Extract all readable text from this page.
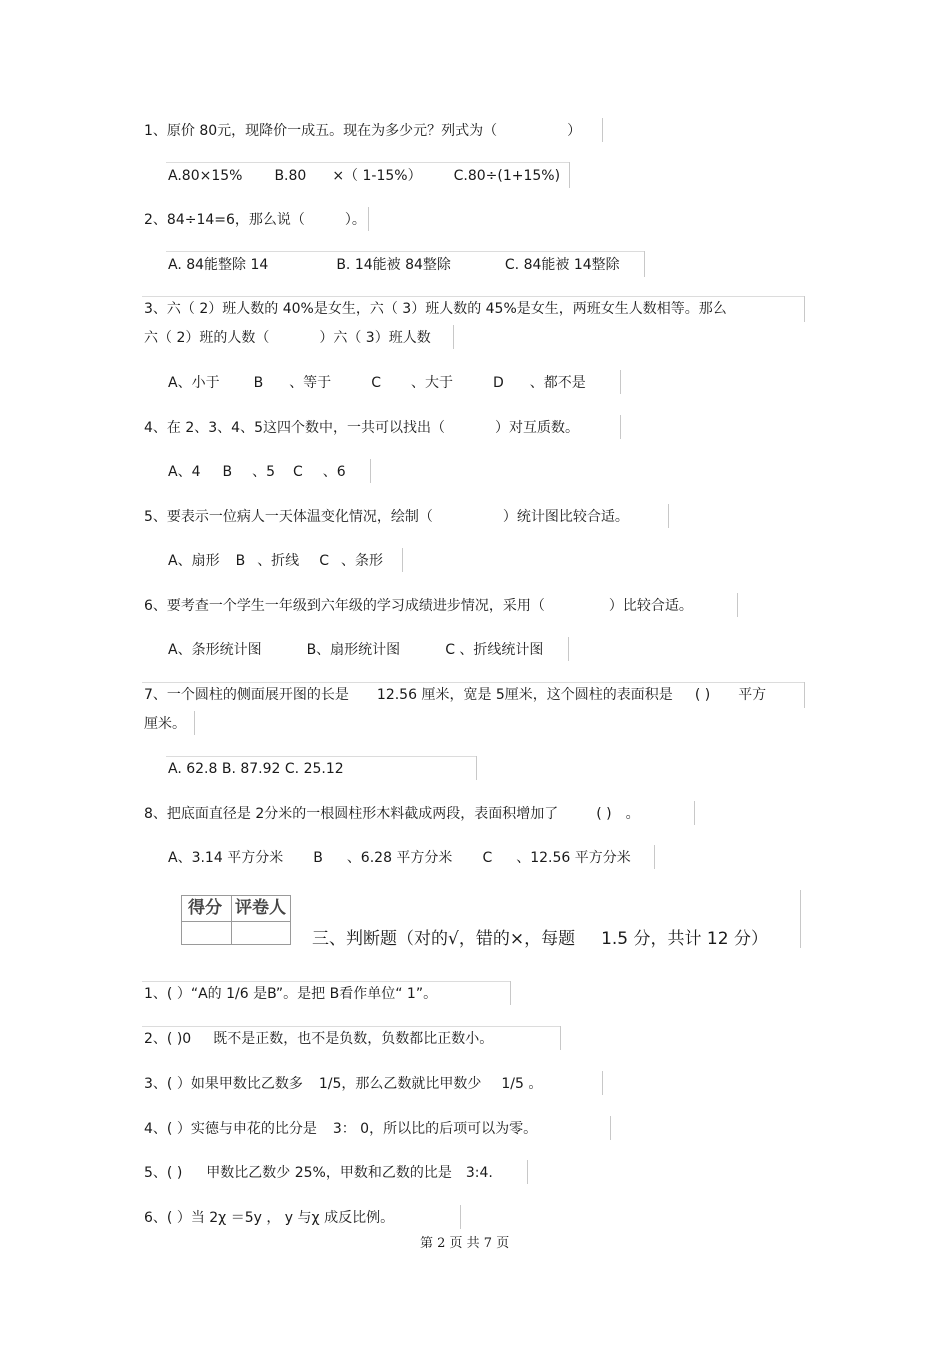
1、原价 80元，现降价一成五。现在为多少元？列式为（	）
A.80×15% B.80 ×（ 1-15%） C.80÷(1+15%)
2、84÷14=6，那么说（	）。
A. 84能整除 14	B. 14能被 84整除	C. 84能被 14整除
3、六（ 2）班人数的 40%是女生，六（ 3）班人数的 45%是女生，两班女生人数相等。那么
六（ 2）班的人数（	）六（ 3）班人数
A、小于 B 、等于	C 、大于	D 、都不是
4、在 2、3、4、5这四个数中，一共可以找出（	）对互质数。
A、4 B 、5 C 、6
5、要表示一位病人一天体温变化情况，绘制（	）统计图比较合适。
A、扇形 B 、折线 C 、条形
6、要考查一个学生一年级到六年级的学习成绩进步情况，采用（	）比较合适。
A、条形统计图	B、扇形统计图	C 、折线统计图
7、一个圆柱的侧面展开图的长是 12.56 厘米，宽是 5厘米，这个圆柱的表面积是 ( ) 平方
厘米。
A. 62.8 B. 87.92 C. 25.12
8、把底面直径是 2分米的一根圆柱形木料截成两段，表面积增加了	( ) 。
A、3.14 平方分米 B 、6.28 平方分米 C 、12.56 平方分米
得分 评卷人
三、判断题（对的√，错的×，每题 1.5 分，共计 12 分）
1、( ）“A的 1/6 是B”。是把 B看作单位“ 1”。
2、( )0 既不是正数，也不是负数，负数都比正数小。
3、( ）如果甲数比乙数多 1/5，那么乙数就比甲数少 1/5 。
4、( ）实德与申花的比分是 3： 0，所以比的后项可以为零。
5、( ) 甲数比乙数少 25%，甲数和乙数的比是 3:4.
6、( ）当 2χ ＝5y ， y 与χ 成反比例。
第 2 页 共 7 页
